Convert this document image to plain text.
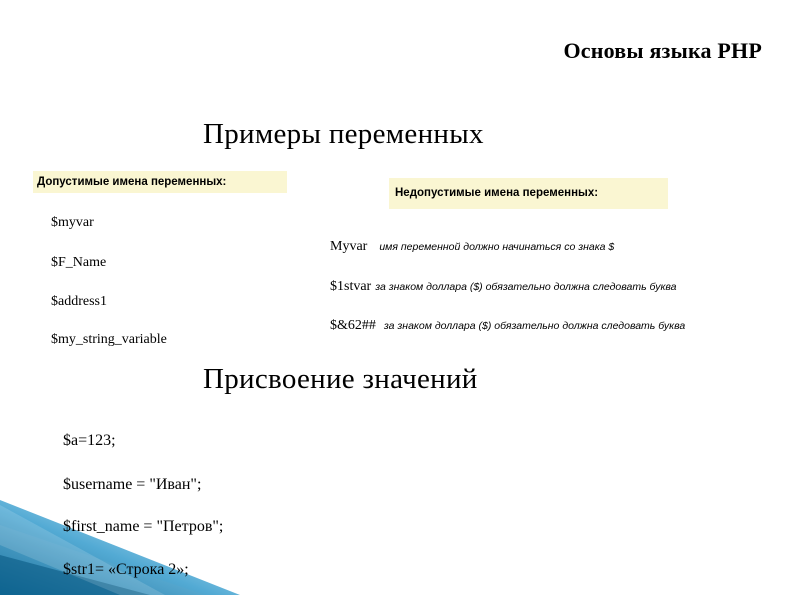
Основы языка PHP
Примеры переменных
Допустимые имена переменных:
Недопустимые имена переменных:
$myvar
$F_Name
$address1
$my_string_variable
Myvar имя переменной должно начинаться со знака $
$1stvar за знаком доллара ($) обязательно должна следовать буква
$&62## за знаком доллара ($) обязательно должна следовать буква
Присвоение значений
$a=123;
$username = "Иван";
$first_name = "Петров";
$str1= «Строка 2»;
